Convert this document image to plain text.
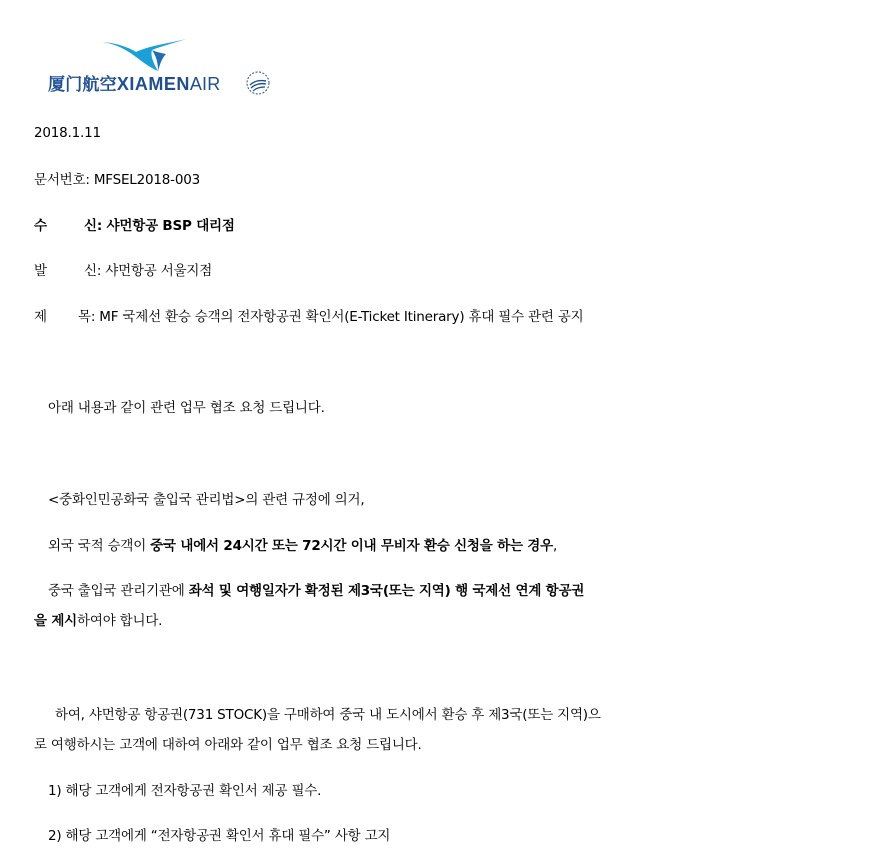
厦门航空XIAMENAIR
2018.1.11
문서번호: MFSEL2018-003
수	신: 샤먼항공 BSP 대리점
발	신: 샤먼항공 서울지점
제 목: MF 국제선 환승 승객의 전자항공권 확인서(E-Ticket Itinerary) 휴대 필수 관련 공지
아래 내용과 같이 관련 업무 협조 요청 드립니다.
<중화인민공화국 출입국 관리법>의 관련 규정에 의거,
외국 국적 승객이 중국 내에서 24시간 또는 72시간 이내 무비자 환승 신청을 하는 경우,
중국 출입국 관리기관에 좌석 및 여행일자가 확정된 제3국(또는 지역) 행 국제선 연계 항공권
을 제시하여야 합니다.
하여, 샤먼항공 항공권(731 STOCK)을 구매하여 중국 내 도시에서 환승 후 제3국(또는 지역)으
로 여행하시는 고객에 대하여 아래와 같이 업무 협조 요청 드립니다.
1) 해당 고객에게 전자항공권 확인서 제공 필수.
2) 해당 고객에게 “전자항공권 확인서 휴대 필수” 사항 고지
